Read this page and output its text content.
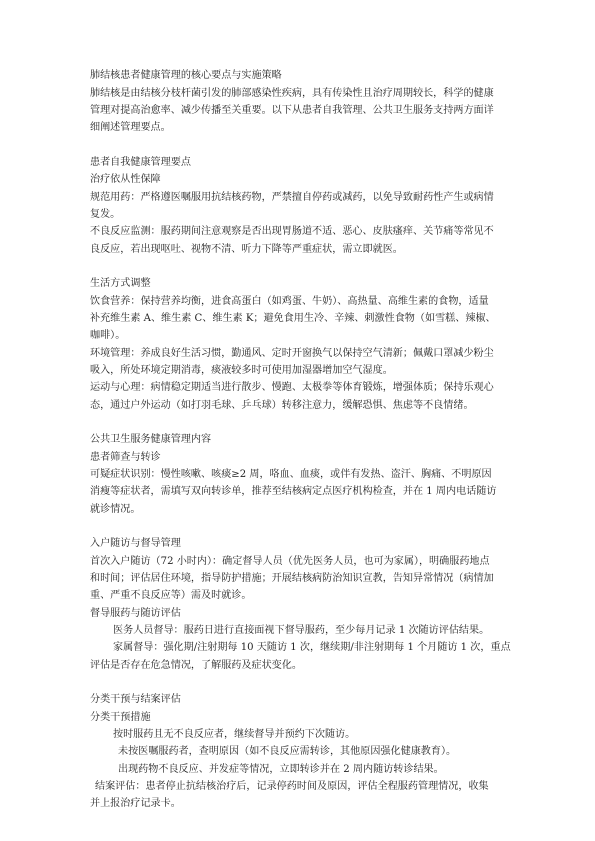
肺结核患者健康管理的核心要点与实施策略
肺结核是由结核分枝杆菌引发的肺部感染性疾病，具有传染性且治疗周期较长，科学的健康
管理对提高治愈率、减少传播至关重要。以下从患者自我管理、公共卫生服务支持两方面详
细阐述管理要点。
患者自我健康管理要点
治疗依从性保障
规范用药：严格遵医嘱服用抗结核药物，严禁擅自停药或减药，以免导致耐药性产生或病情
复发。
不良反应监测：服药期间注意观察是否出现胃肠道不适、恶心、皮肤瘙痒、关节痛等常见不
良反应，若出现呕吐、视物不清、听力下降等严重症状，需立即就医。
生活方式调整
饮食营养：保持营养均衡，进食高蛋白（如鸡蛋、牛奶）、高热量、高维生素的食物，适量
补充维生素 A、维生素 C、维生素 K；避免食用生冷、辛辣、刺激性食物（如雪糕、辣椒、
咖啡）。
环境管理：养成良好生活习惯，勤通风、定时开窗换气以保持空气清新；佩戴口罩减少粉尘
吸入，所处环境定期消毒，痰液较多时可使用加湿器增加空气湿度。
运动与心理：病情稳定期适当进行散步、慢跑、太极拳等体育锻炼，增强体质；保持乐观心
态，通过户外运动（如打羽毛球、乒乓球）转移注意力，缓解恐惧、焦虑等不良情绪。
公共卫生服务健康管理内容
患者筛查与转诊
可疑症状识别：慢性咳嗽、咳痰≥2 周，咯血、血痰，或伴有发热、盗汗、胸痛、不明原因
消瘦等症状者，需填写双向转诊单，推荐至结核病定点医疗机构检查，并在 1 周内电话随访
就诊情况。
入户随访与督导管理
首次入户随访（72 小时内）：确定督导人员（优先医务人员，也可为家属），明确服药地点
和时间；评估居住环境，指导防护措施；开展结核病防治知识宣教，告知异常情况（病情加
重、严重不良反应等）需及时就诊。
督导服药与随访评估
医务人员督导：服药日进行直接面视下督导服药，至少每月记录 1 次随访评估结果。
家属督导：强化期/注射期每 10 天随访 1 次，继续期/非注射期每 1 个月随访 1 次，重点
评估是否存在危急情况，了解服药及症状变化。
分类干预与结案评估
分类干预措施
按时服药且无不良反应者，继续督导并预约下次随访。
未按医嘱服药者，查明原因（如不良反应需转诊，其他原因强化健康教育）。
出现药物不良反应、并发症等情况，立即转诊并在 2 周内随访转诊结果。
结案评估：患者停止抗结核治疗后，记录停药时间及原因，评估全程服药管理情况，收集
并上报治疗记录卡。
